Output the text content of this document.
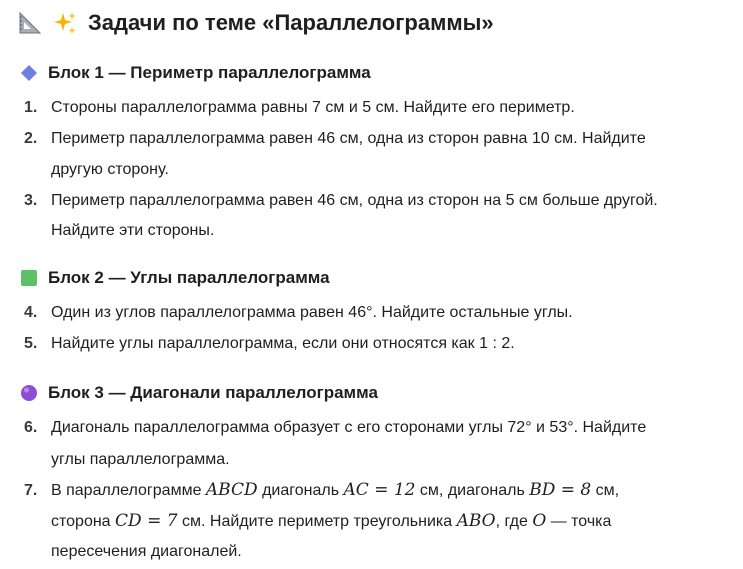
Задачи по теме «Параллелограммы»
Блок 1 — Периметр параллелограмма
1. Стороны параллелограмма равны 7 см и 5 см. Найдите его периметр.
2. Периметр параллелограмма равен 46 см, одна из сторон равна 10 см. Найдите
другую сторону.
3. Периметр параллелограмма равен 46 см, одна из сторон на 5 см больше другой.
Найдите эти стороны.
Блок 2 — Углы параллелограмма
4. Один из углов параллелограмма равен 46°. Найдите остальные углы.
5. Найдите углы параллелограмма, если они относятся как 1 : 2.
Блок 3 — Диагонали параллелограмма
6. Диагональ параллелограмма образует с его сторонами углы 72° и 53°. Найдите
углы параллелограмма.
7. В параллелограмме ABCD диагональ AC = 12 см, диагональ BD = 8 см,
сторона CD = 7 см. Найдите периметр треугольника ABO, где O — точка
пересечения диагоналей.
